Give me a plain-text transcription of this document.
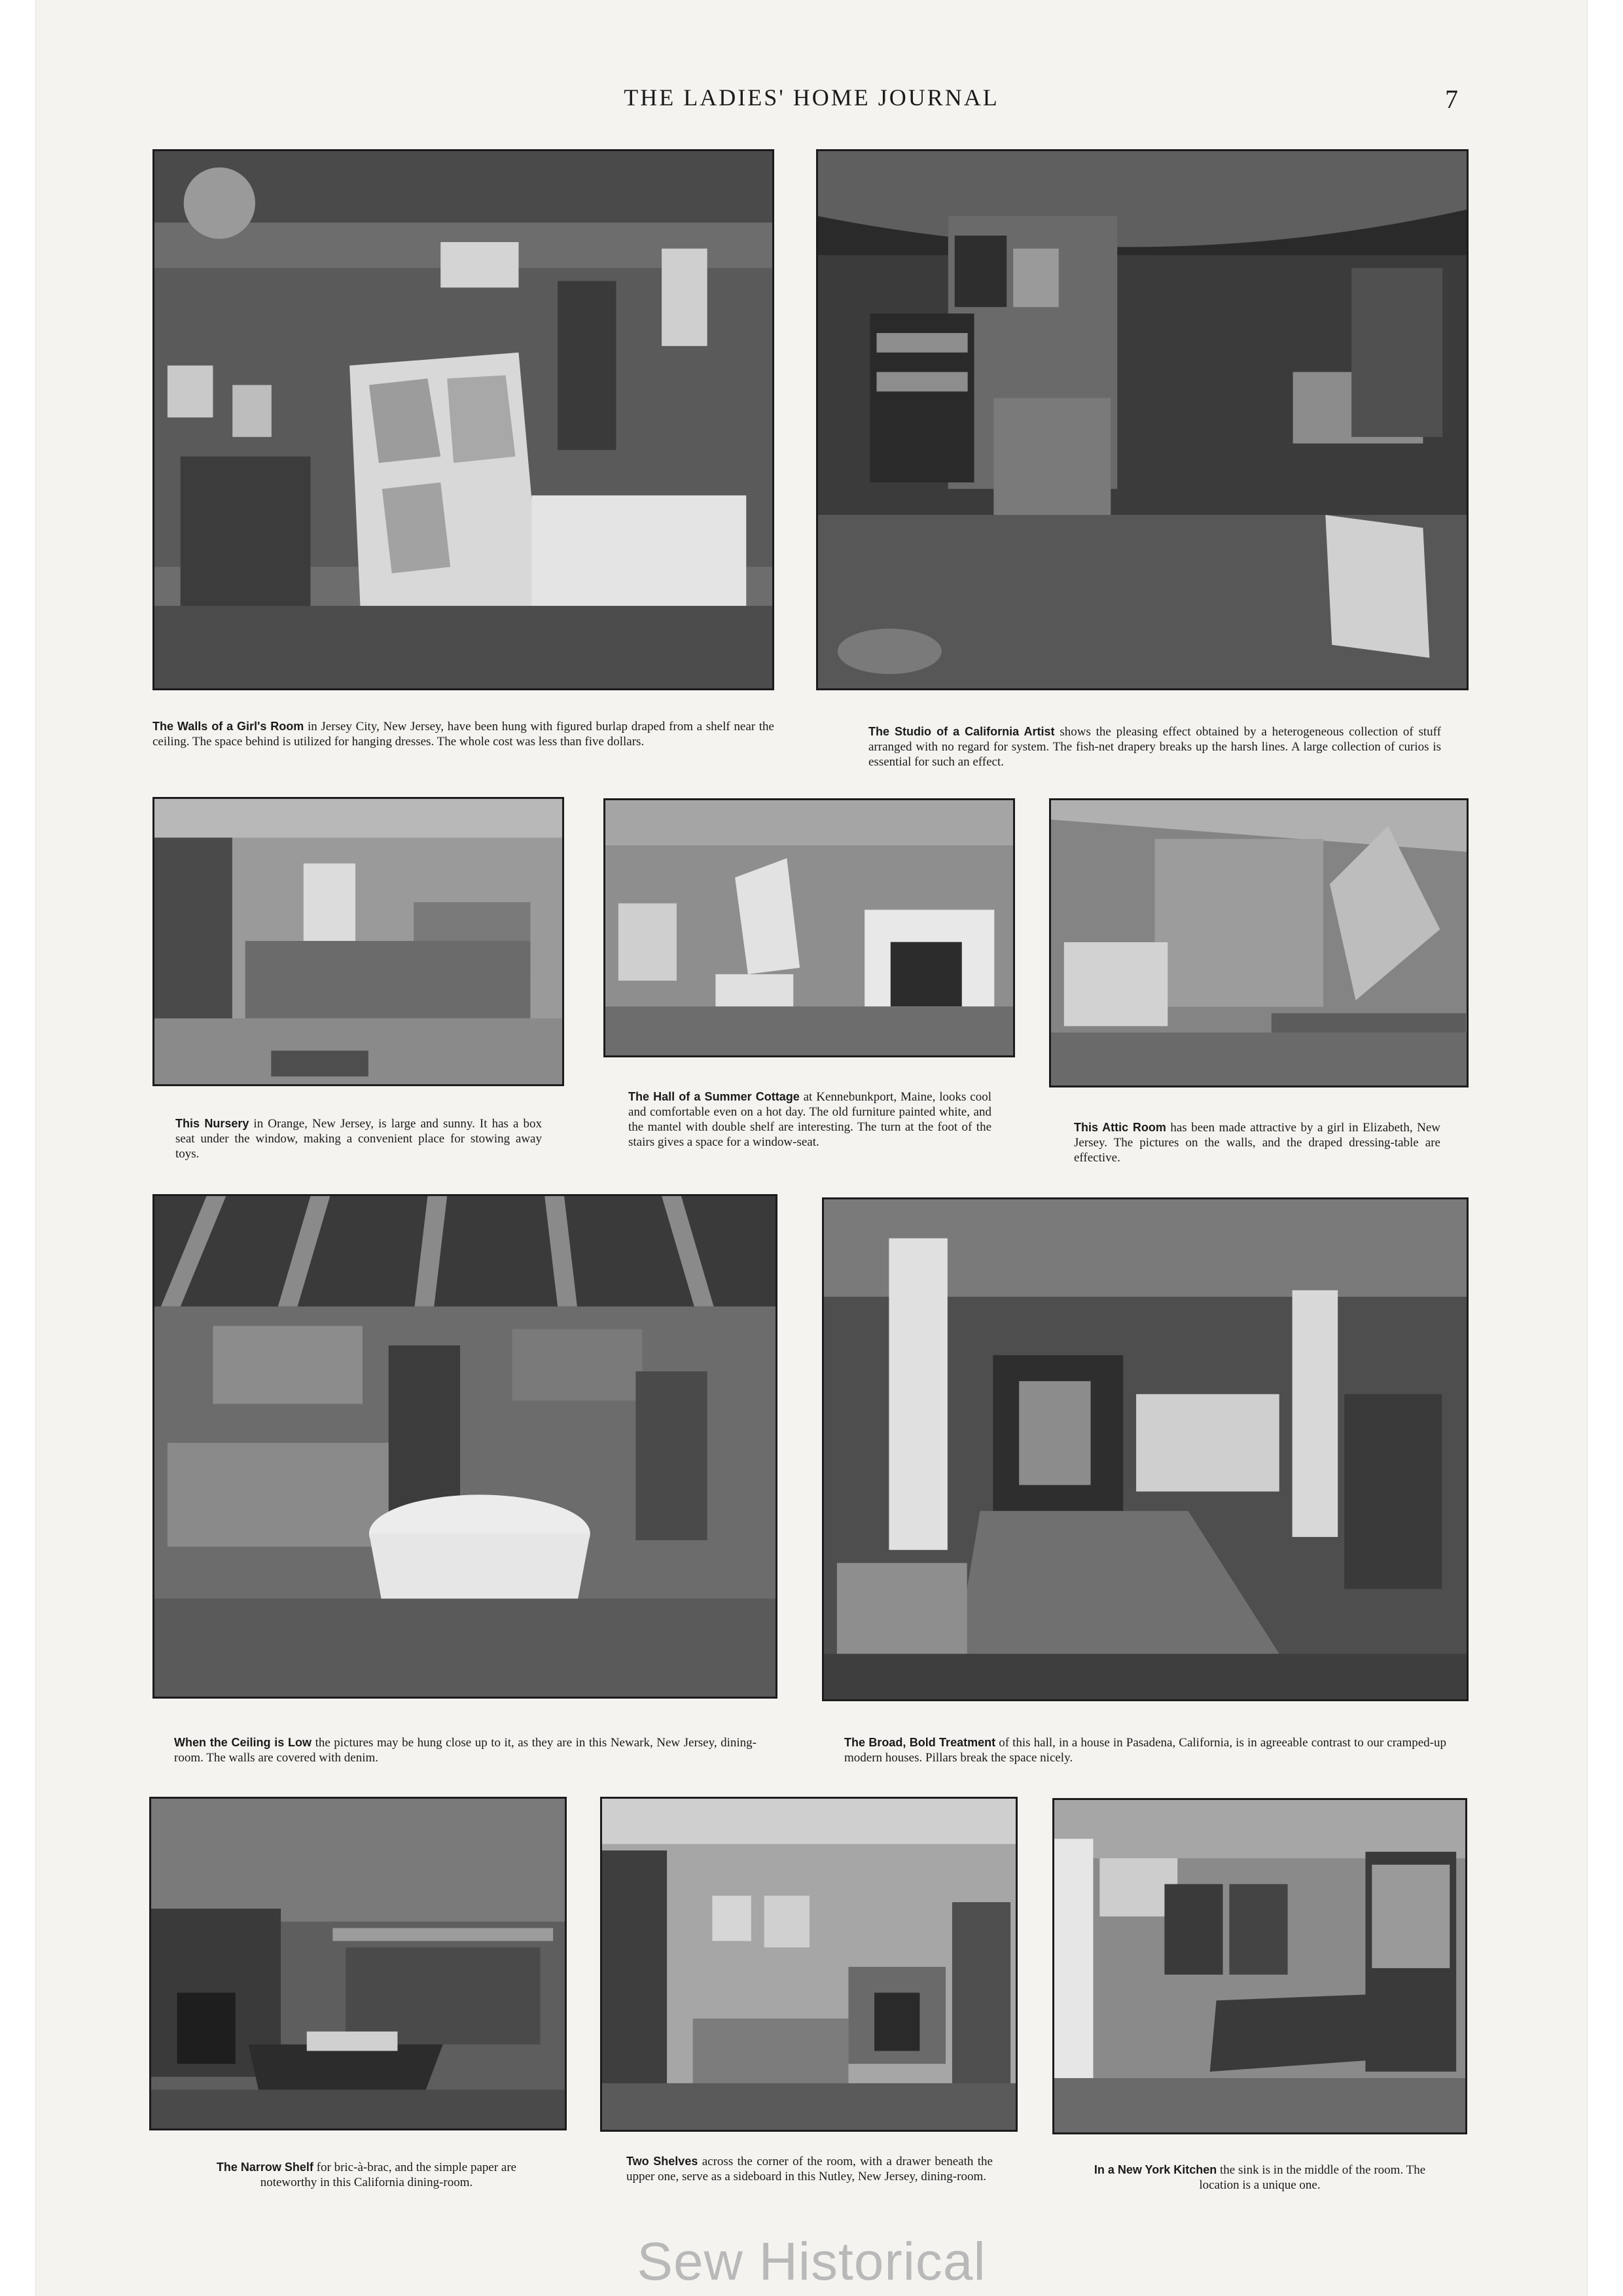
THE LADIES' HOME JOURNAL	7
The Walls of a Girl's Room in Jersey City, New Jersey, have been hung with figured burlap draped from a shelf near the ceiling. The space behind is utilized for hanging dresses. The whole cost was less than five dollars.
The Studio of a California Artist shows the pleasing effect obtained by a heterogeneous collection of stuff arranged with no regard for system. The fish-net drapery breaks up the harsh lines. A large collection of curios is essential for such an effect.
This Nursery in Orange, New Jersey, is large and sunny. It has a box seat under the window, making a convenient place for stowing away toys.
The Hall of a Summer Cottage at Kennebunkport, Maine, looks cool and comfortable even on a hot day. The old furniture painted white, and the mantel with double shelf are interesting. The turn at the foot of the stairs gives a space for a window-seat.
This Attic Room has been made attractive by a girl in Elizabeth, New Jersey. The pictures on the walls, and the draped dressing-table are effective.
When the Ceiling is Low the pictures may be hung close up to it, as they are in this Newark, New Jersey, dining-room. The walls are covered with denim.
The Broad, Bold Treatment of this hall, in a house in Pasadena, California, is in agreeable contrast to our cramped-up modern houses. Pillars break the space nicely.
The Narrow Shelf for bric-à-brac, and the simple paper are noteworthy in this California dining-room.
Two Shelves across the corner of the room, with a drawer beneath the upper one, serve as a sideboard in this Nutley, New Jersey, dining-room.	In a New York Kitchen the sink is in the middle of the room. The location is a unique one.
Sew Historical
